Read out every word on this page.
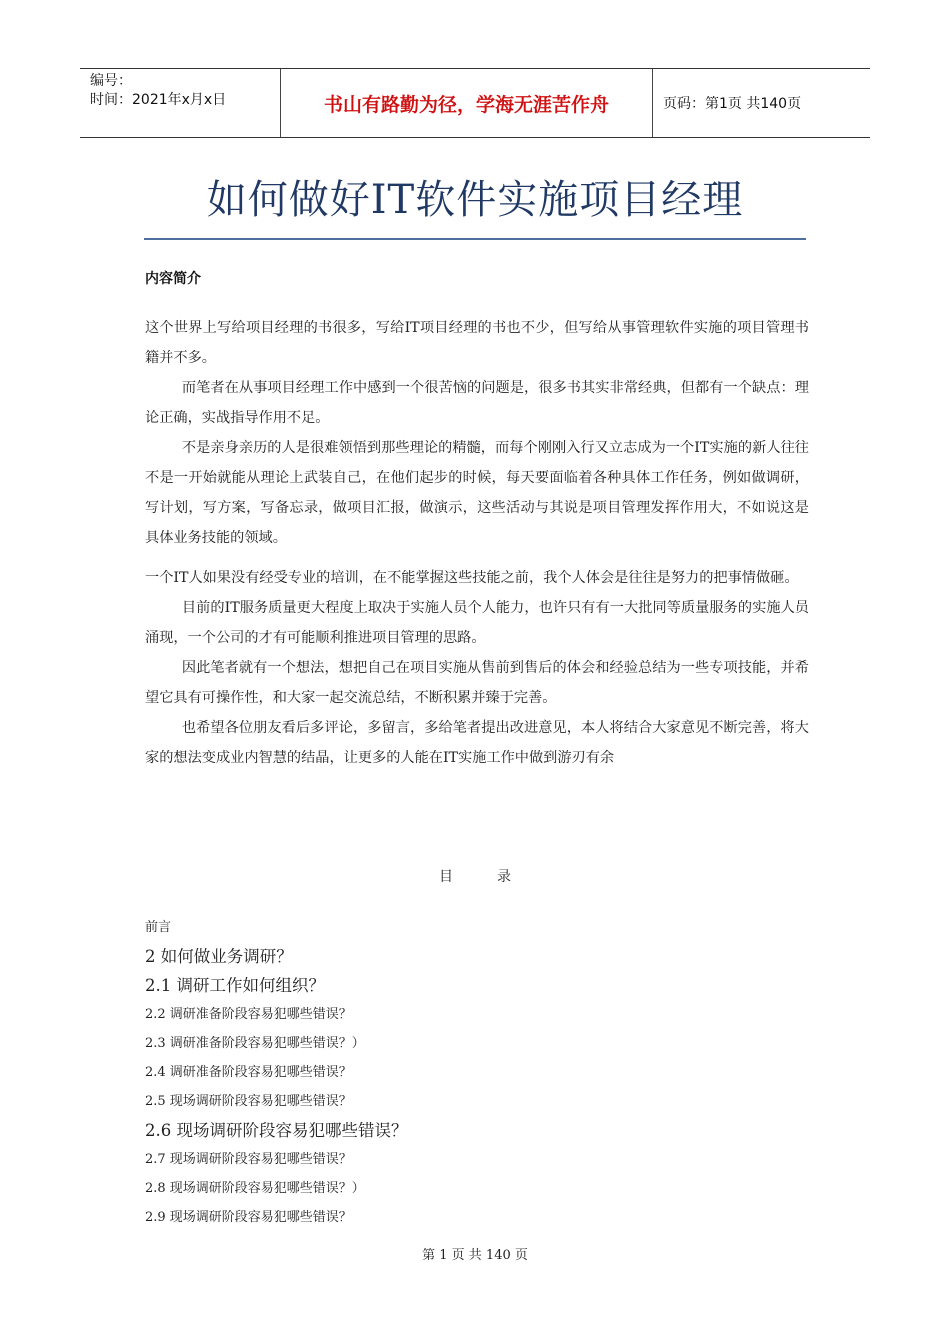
编号：
时间：2021年x月x日	书山有路勤为径，学海无涯苦作舟	页码：第1页 共140页
如何做好IT软件实施项目经理
内容简介

这个世界上写给项目经理的书很多，写给IT项目经理的书也不少，但写给从事管理软件实施的项目管理书籍并不多。

而笔者在从事项目经理工作中感到一个很苦恼的问题是，很多书其实非常经典，但都有一个缺点：理论正确，实战指导作用不足。

不是亲身亲历的人是很难领悟到那些理论的精髓，而每个刚刚入行又立志成为一个IT实施的新人往往不是一开始就能从理论上武装自己，在他们起步的时候，每天要面临着各种具体工作任务，例如做调研，写计划，写方案，写备忘录，做项目汇报，做演示，这些活动与其说是项目管理发挥作用大，不如说这是具体业务技能的领域。

一个IT人如果没有经受专业的培训，在不能掌握这些技能之前，我个人体会是往往是努力的把事情做砸。

目前的IT服务质量更大程度上取决于实施人员个人能力，也许只有有一大批同等质量服务的实施人员涌现，一个公司的才有可能顺利推进项目管理的思路。

因此笔者就有一个想法，想把自己在项目实施从售前到售后的体会和经验总结为一些专项技能，并希望它具有可操作性，和大家一起交流总结，不断积累并臻于完善。

也希望各位朋友看后多评论，多留言，多给笔者提出改进意见，本人将结合大家意见不断完善，将大家的想法变成业内智慧的结晶，让更多的人能在IT实施工作中做到游刃有余

目	录
前言
2 如何做业务调研？
2.1 调研工作如何组织？
2.2 调研准备阶段容易犯哪些错误？
2.3 调研准备阶段容易犯哪些错误？）
2.4 调研准备阶段容易犯哪些错误？
2.5 现场调研阶段容易犯哪些错误？
2.6 现场调研阶段容易犯哪些错误？
2.7 现场调研阶段容易犯哪些错误？
2.8 现场调研阶段容易犯哪些错误？）
2.9 现场调研阶段容易犯哪些错误？
第 1 页 共 140 页
